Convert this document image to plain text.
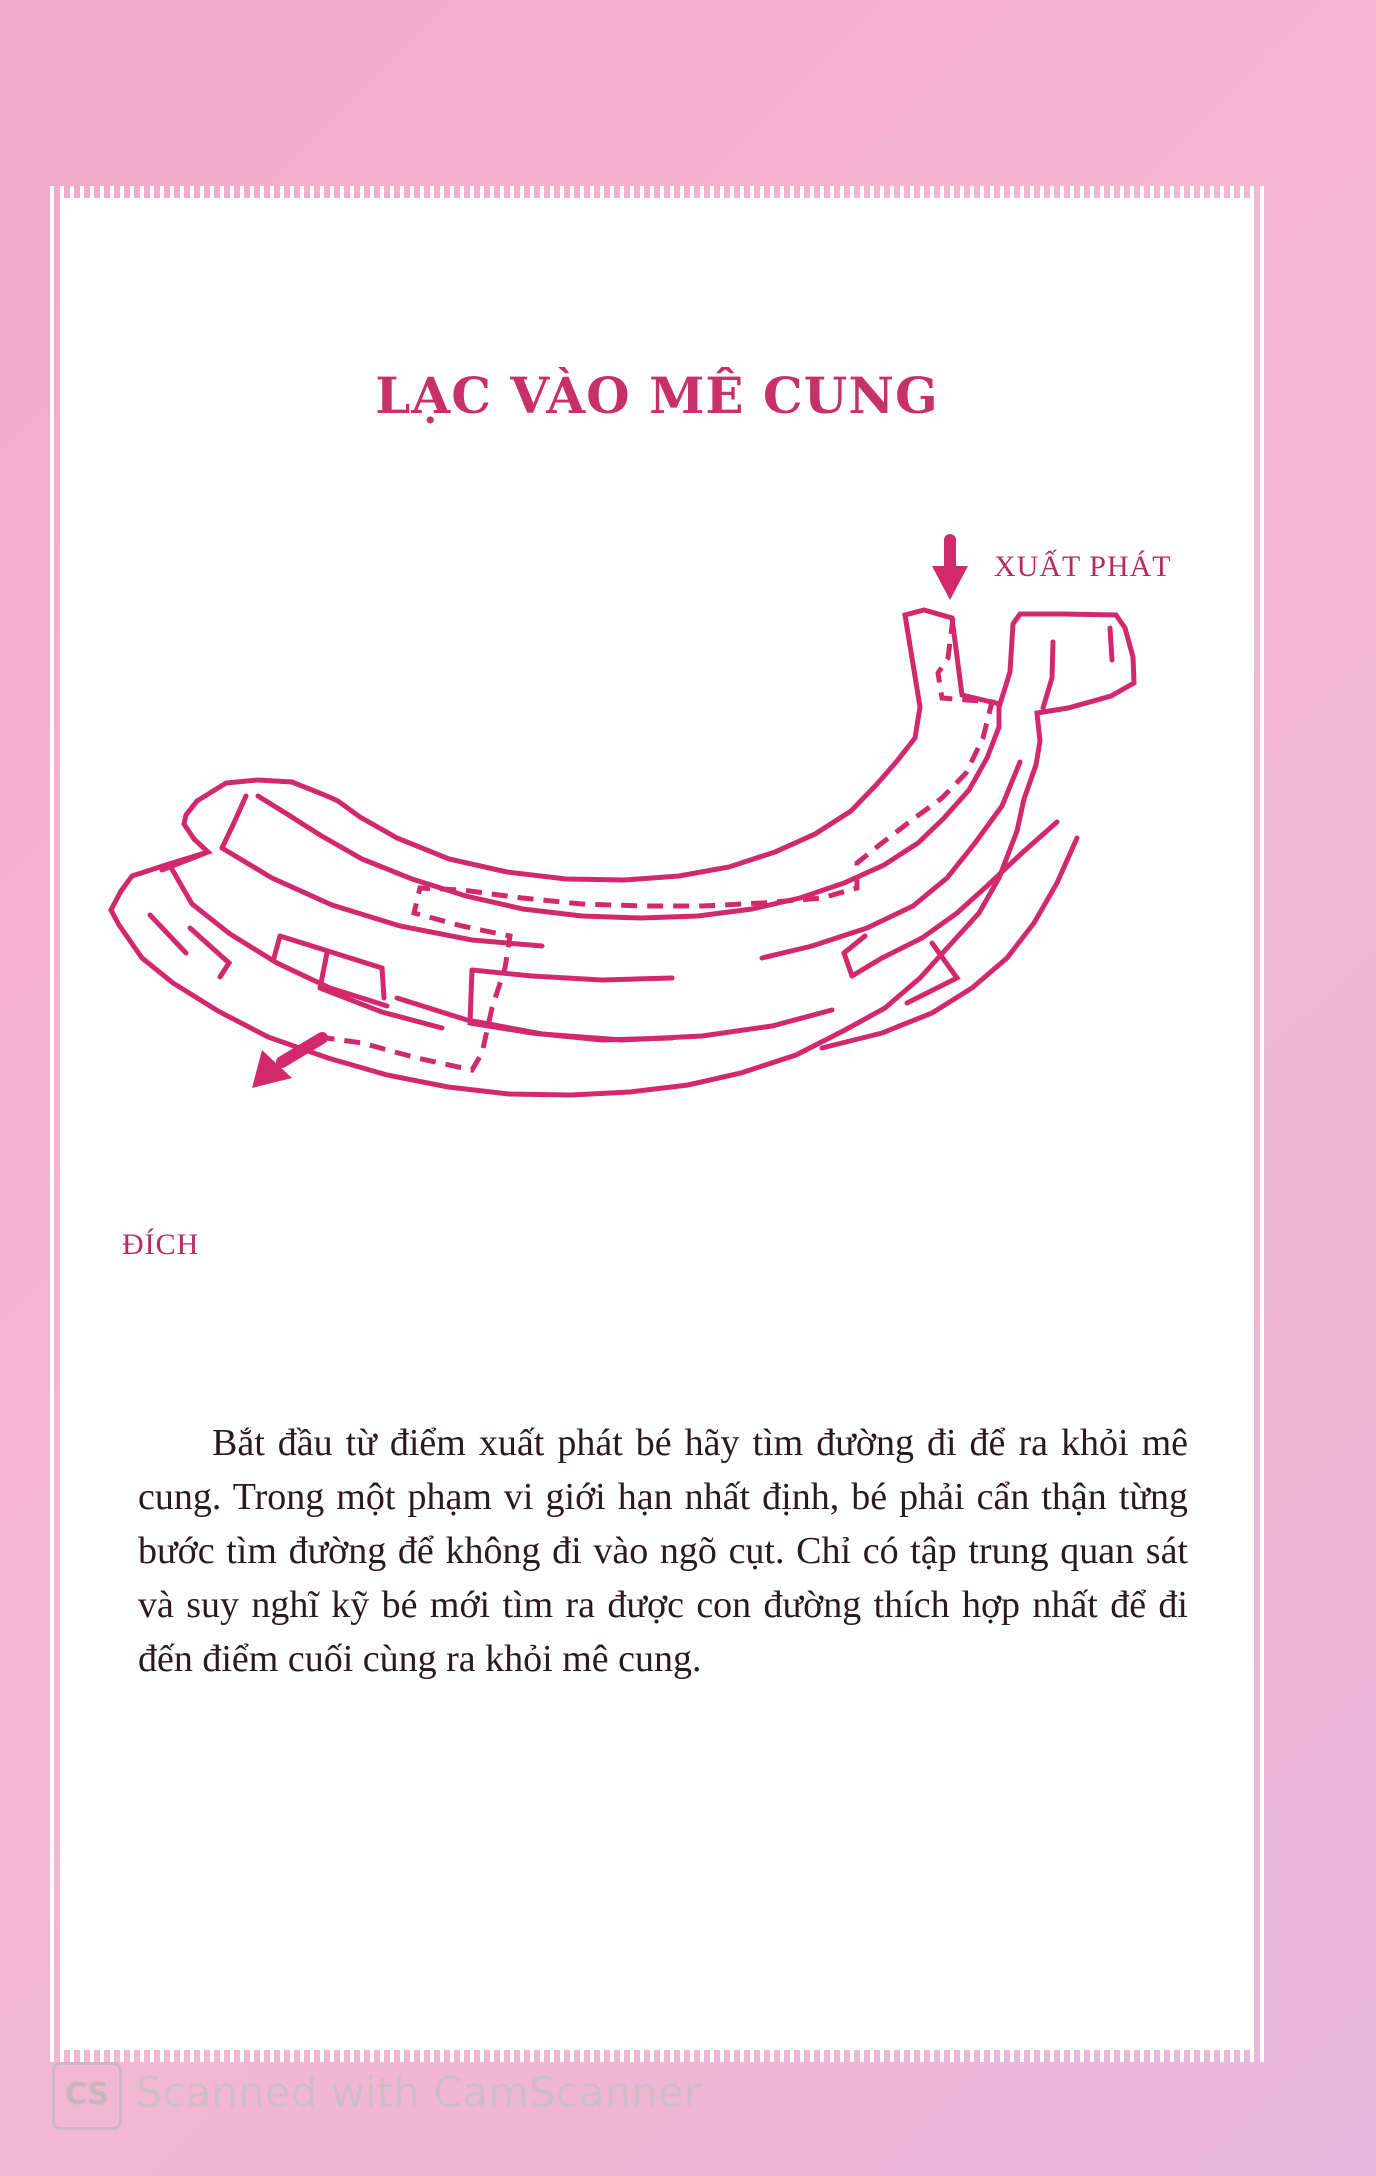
LẠC VÀO MÊ CUNG
XUẤT PHÁT
ĐÍCH

Bắt đầu từ điểm xuất phát bé hãy tìm đường đi để ra khỏi mê cung. Trong một phạm vi giới hạn nhất định, bé phải cẩn thận từng bước tìm đường để không đi vào ngõ cụt. Chỉ có tập trung quan sát và suy nghĩ kỹ bé mới tìm ra được con đường thích hợp nhất để đi đến điểm cuối cùng ra khỏi mê cung.

CS Scanned with CamScanner
